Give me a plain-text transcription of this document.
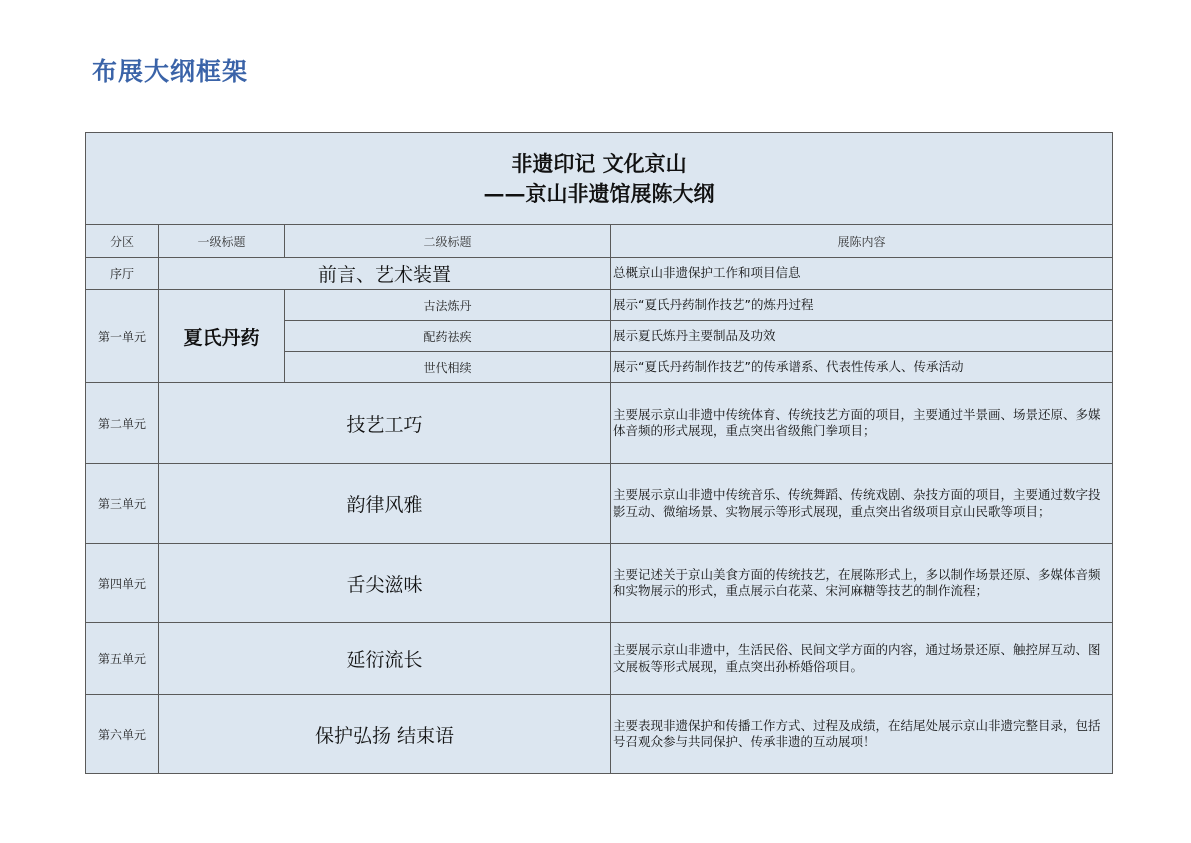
布展大纲框架
非遗印记 文化京山
——京山非遗馆展陈大纲			

分区	一级标题	二级标题	展陈内容
序厅	前言、艺术装置		总概京山非遗保护工作和项目信息
第一单元	夏氏丹药	古法炼丹	展示“夏氏丹药制作技艺”的炼丹过程
		配药祛疾	展示夏氏炼丹主要制品及功效
		世代相续	展示“夏氏丹药制作技艺”的传承谱系、代表性传承人、传承活动
第二单元	技艺工巧		主要展示京山非遗中传统体育、传统技艺方面的项目，主要通过半景画、场景还原、多媒体音频的形式展现，重点突出省级熊门拳项目；
第三单元	韵律风雅		主要展示京山非遗中传统音乐、传统舞蹈、传统戏剧、杂技方面的项目，主要通过数字投影互动、微缩场景、实物展示等形式展现，重点突出省级项目京山民歌等项目；
第四单元	舌尖滋味		主要记述关于京山美食方面的传统技艺，在展陈形式上，多以制作场景还原、多媒体音频和实物展示的形式，重点展示白花菜、宋河麻糖等技艺的制作流程；
第五单元	延衍流长		主要展示京山非遗中，生活民俗、民间文学方面的内容，通过场景还原、触控屏互动、图文展板等形式展现，重点突出孙桥婚俗项目。
第六单元	保护弘扬 结束语		主要表现非遗保护和传播工作方式、过程及成绩，在结尾处展示京山非遗完整目录，包括号召观众参与共同保护、传承非遗的互动展项！
